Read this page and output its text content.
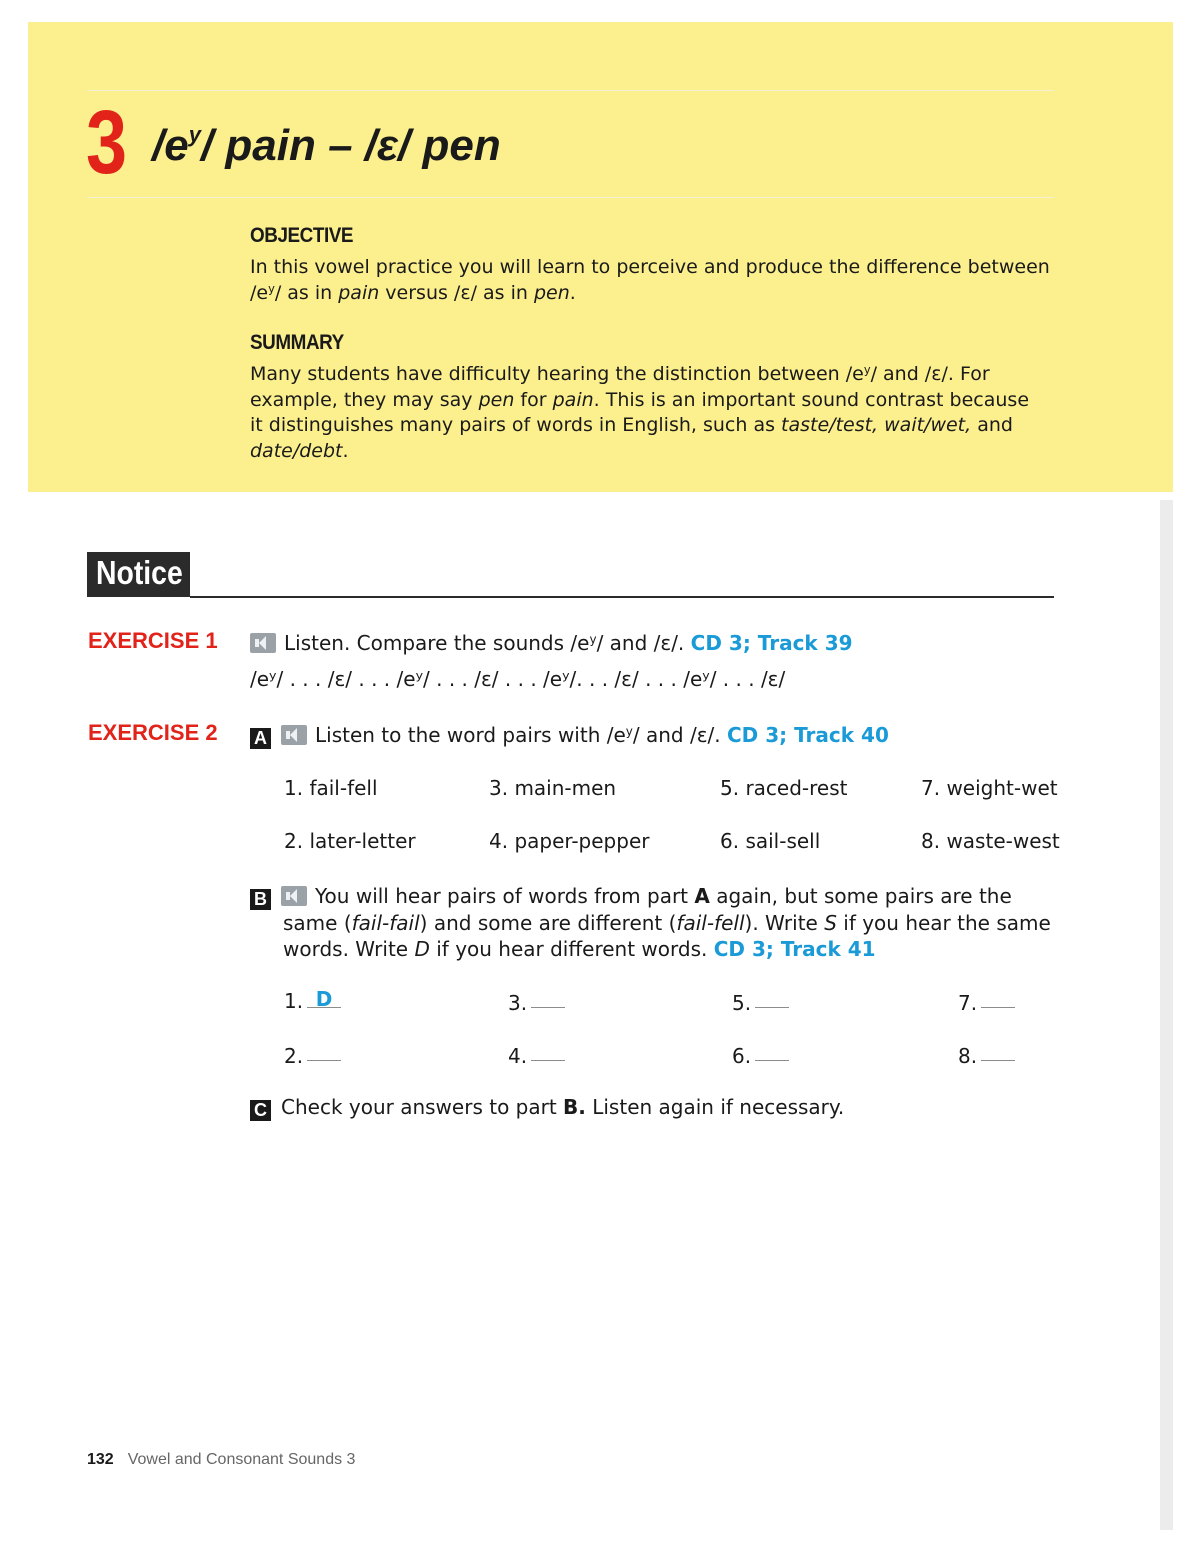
3 $/e^y/$ pain – /ɛ/ pen
OBJECTIVE
In this vowel practice you will learn to perceive and produce the difference between
$/e^y/$ as in pain versus /ɛ/ as in pen.
SUMMARY
Many students have difficulty hearing the distinction between $/e^y/$ and /ɛ/. For
example, they may say pen for pain. This is an important sound contrast because
it distinguishes many pairs of words in English, such as taste/test, wait/wet, and
date/debt.
Notice
EXERCISE 1	Listen. Compare the sounds $/e^y/$ and /ɛ/. CD 3; Track 39
/eʸ/ . . . /ɛ/ . . . /eʸ/ . . . /ɛ/ . . . /eʸ/. . . /ɛ/ . . . /eʸ/ . . . /ɛ/
EXERCISE 2 A Listen to the word pairs with $/e^y/$ and /ɛ/. CD 3; Track 40
1. fail-fell
2. later-letter
3. main-men
4. paper-pepper
5. raced-rest
6. sail-sell
7. weight-wet
8. waste-west
B You will hear pairs of words from part A again, but some pairs are the
same (fail-fail) and some are different (fail-fell). Write S if you hear the same
words. Write D if you hear different words. CD 3; Track 41
1. D
2.
3.
4.
5.
6.
7.
8.
C Check your answers to part B. Listen again if necessary.
132 Vowel and Consonant Sounds 3
